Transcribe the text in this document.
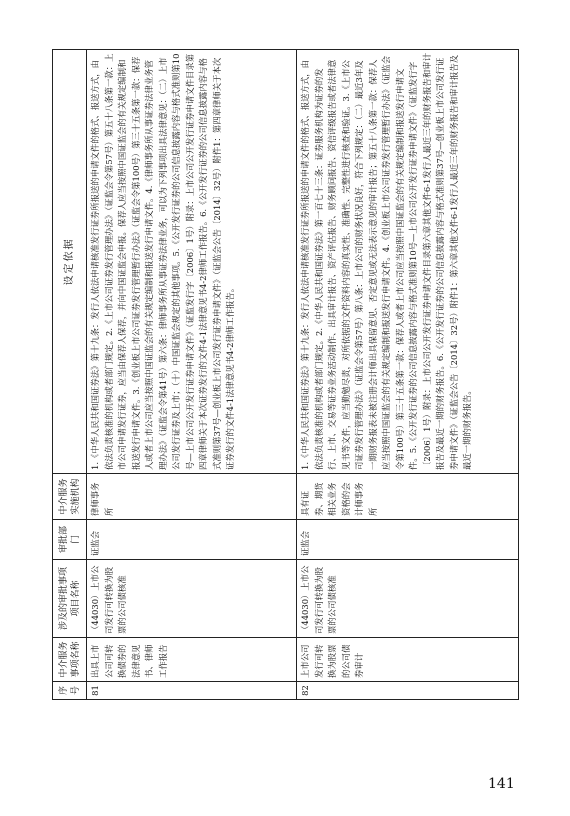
序号	中介服务事项名称	涉及的审批事项项目名称	审批部门	中介服务实施机构	设定依据
81	出具上市公司可转换债券的法律意见书、律师工作报告	（44030）上市公司发行可转换为股票的公司债核准	证监会	律师事务所	1.《中华人民共和国证券法》第十九条：发行人依法申请核准发行证券所报送的申请文件的格式、报送方式，由依法负责核准的机构或者部门规定。2.《上市公司证券发行管理办法》（证监会令第57号）第五十八条第一款：上市公司申请发行证券，应当由保荐人保荐，并向中国证监会申报。保荐人应当按照中国证监会的有关规定编制和报送发行申请文件。3.《创业板上市公司证券发行管理暂行办法》（证监会令第100号）第三十五条第一款：保荐人或者上市公司应当按照中国证监会的有关规定编制和报送发行申请文件。4.《律师事务所从事证券法律业务管理办法》（证监会令第41号）第六条：律师事务所从事证券法律业务，可以为下列事项出具法律意见：（二）上市公司发行证券及上市；（十）中国证监会规定的其他事项。5.《公开发行证券的公司信息披露内容与格式准则第10号—上市公司公开发行证券申请文件》（证监发行字〔2006〕1号）附录：上市公司公开发行证券申请文件目录第四章律师关于本次证券发行的文件4-1法律意见书4-2律师工作报告。6.《公开发行证券的公司信息披露内容与格式准则第37号—创业板上市公司发行证券申请文件》（证监会公告〔2014〕32号）附件1：第四章律师关于本次证券发行的文件4-1法律意见书4-2律师工作报告。
82	上市公司发行可转换为股票的公司债券审计	（44030）上市公司发行可转换为股票的公司债核准	证监会	具有证券、期货相关业务资格的会计师事务所	1.《中华人民共和国证券法》第十九条：发行人依法申请核准发行证券所报送的申请文件的格式、报送方式，由依法负责核准的机构或者部门规定。2.《中华人民共和国证券法》第一百七十三条：证券服务机构为证券的发行、上市、交易等证券业务活动制作、出具审计报告、资产评估报告、财务顾问报告、资信评级报告或者法律意见书等文件，应当勤勉尽责，对所依据的文件资料内容的真实性、准确性、完整性进行核查和验证。3.《上市公司证券发行管理办法》（证监会令第57号）第八条：上市公司的财务状况良好，符合下列规定：（二）最近3年及一期财务报表未被注册会计师出具保留意见、否定意见或无法表示意见的审计报告；第五十八条第一款：保荐人应当按照中国证监会的有关规定编制和报送发行申请文件。4.《创业板上市公司证券发行管理暂行办法》（证监会令第100号）第三十五条第一款：保荐人或者上市公司应当按照中国证监会的有关规定编制和报送发行申请文件。5.《公开发行证券的公司信息披露内容与格式准则第10号—上市公司公开发行证券申请文件》（证监发行字〔2006〕1号）附录：上市公司公开发行证券申请文件目录第六章其他文件6-1发行人最近三年的财务报告和审计报告及最近一期的财务报告。6.《公开发行证券的公司信息披露内容与格式准则第37号—创业板上市公司发行证券申请文件》（证监会公告〔2014〕32号）附件1：第六章其他文件6-1发行人最近三年的财务报告和审计报告及最近一期的财务报告。
141
